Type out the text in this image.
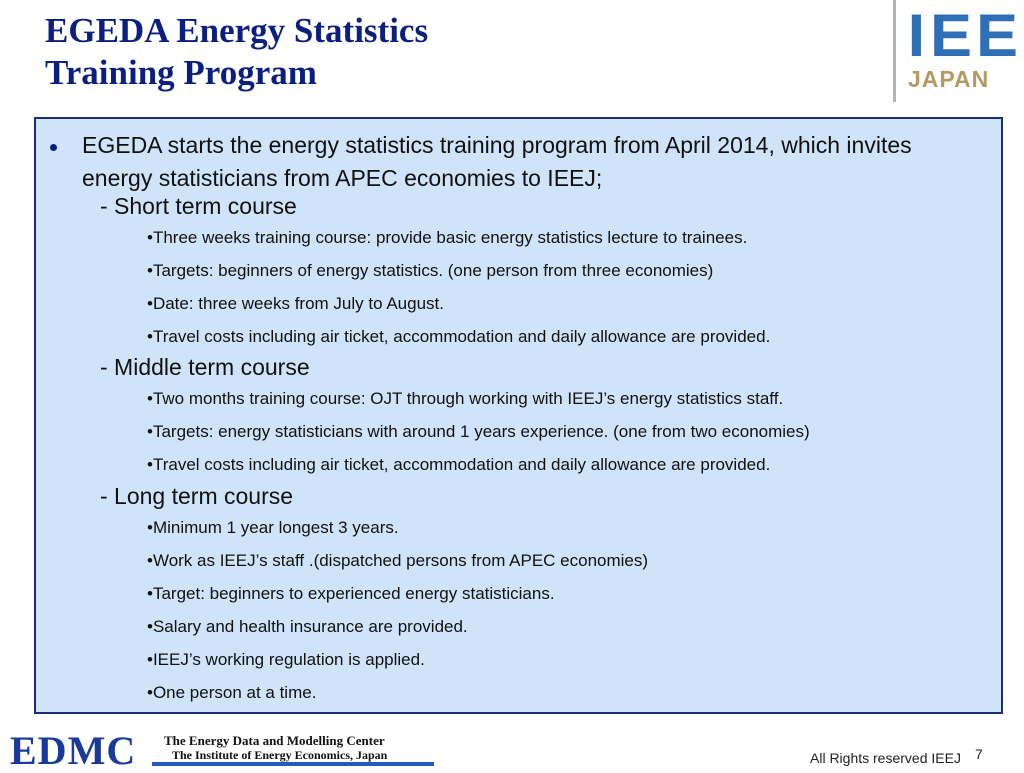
EGEDA Energy Statistics
Training Program
I E E
JAPAN
EGEDA starts the energy statistics training program from April 2014, which invites energy statisticians from APEC economies to IEEJ;
- Short term course
•Three weeks training course: provide basic energy statistics lecture to trainees.
•Targets: beginners of energy statistics. (one person from three economies)
•Date: three weeks from July to August.
•Travel costs including air ticket, accommodation and daily allowance are provided.
- Middle term course
•Two months training course: OJT through working with IEEJ’s energy statistics staff.
•Targets: energy statisticians with around 1 years experience. (one from two economies)
•Travel costs including air ticket, accommodation and daily allowance are provided.
- Long term course
•Minimum 1 year longest 3 years.
•Work as IEEJ’s staff .(dispatched persons from APEC economies)
•Target: beginners to experienced energy statisticians.
•Salary and health insurance are provided.
•IEEJ’s working regulation is applied.
•One person at a time.
EDMC The Energy Data and Modelling Center
The Institute of Energy Economics, Japan	All Rights reserved IEEJ 7
